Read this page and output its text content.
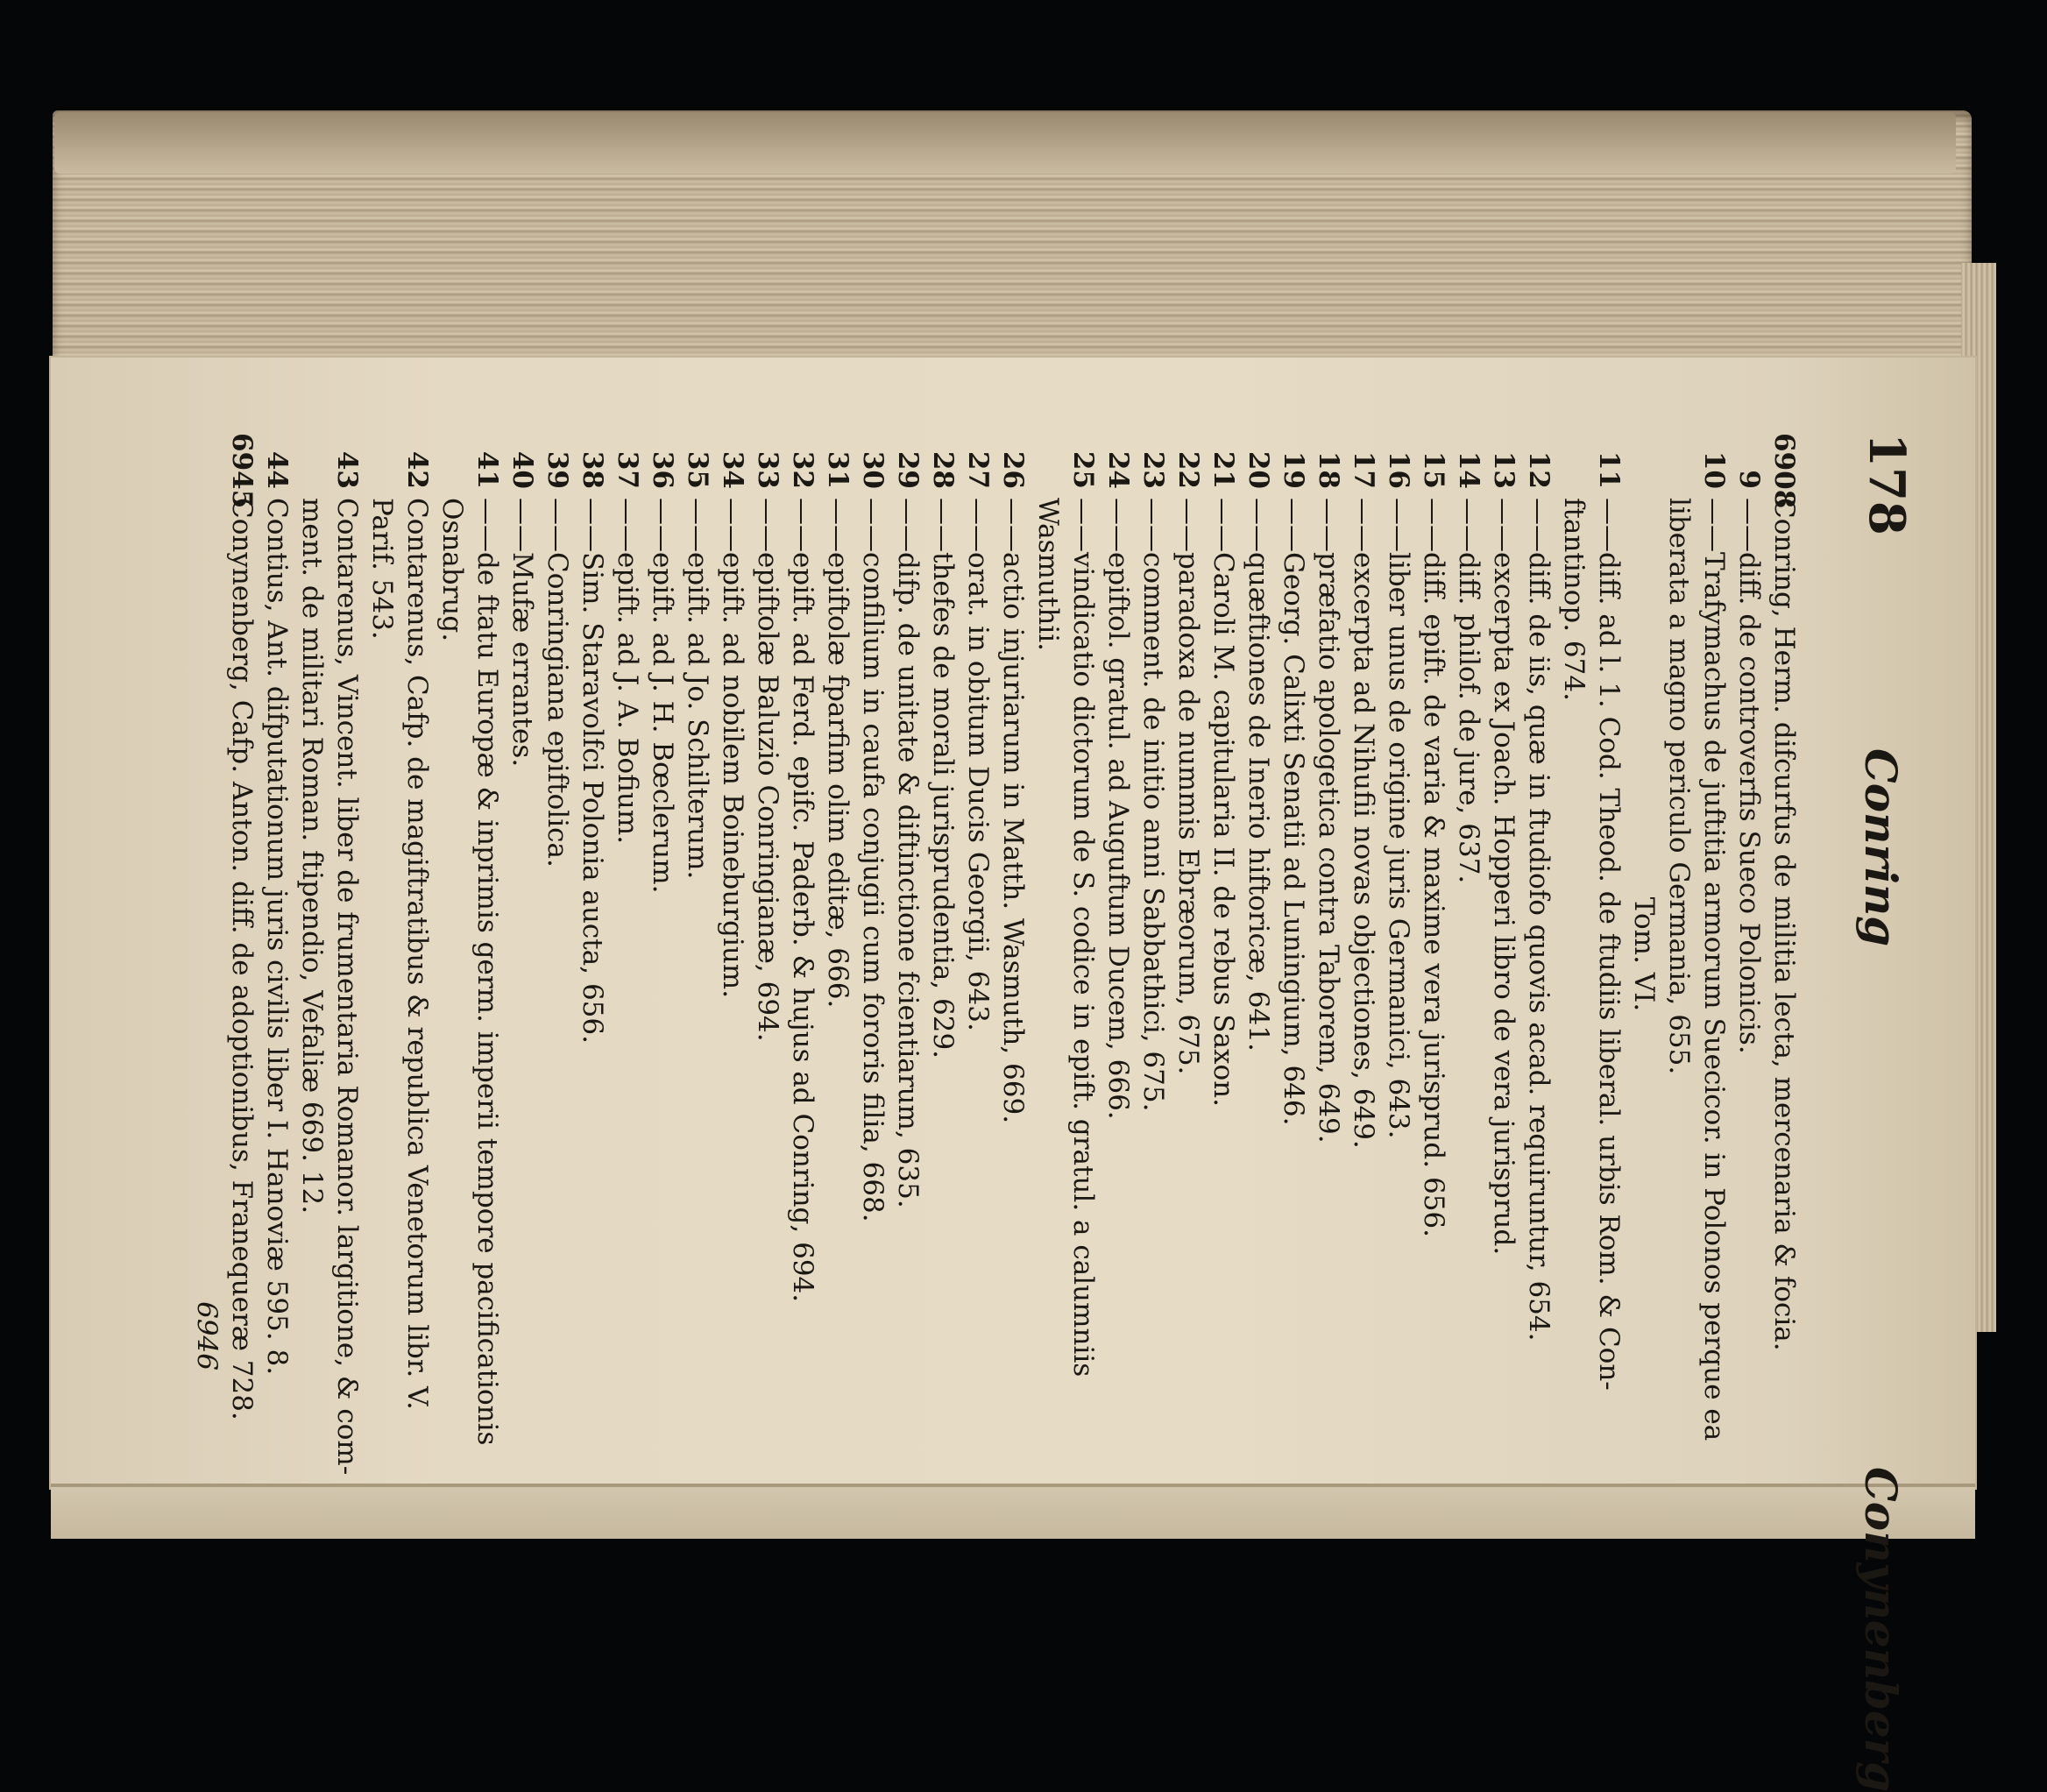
178
Conring
Conynenberg
6908
Conring, Herm. difcurfus de militia lecta, mercenaria & focia.
9
——diff. de controverfis Sueco Polonicis.
10
——Trafymachus de juftitia armorum Suecicor. in Polonos perque ea
liberata a magno periculo Germania, 655.
Tom. VI.
11
——diff. ad l. 1. Cod. Theod. de ftudiis liberal. urbis Rom. & Con-
ftantinop. 674.
12
——diff. de iis, quæ in ftudiofo quovis acad. requiruntur, 654.
13
——excerpta ex Joach. Hopperi libro de vera jurisprud.
14
——diff. philof. de jure, 637.
15
——diff. epift. de varia & maxime vera jurisprud. 656.
16
——liber unus de origine juris Germanici, 643.
17
——excerpta ad Nihufii novas objectiones, 649.
18
——præfatio apologetica contra Taborem, 649.
19
——Georg. Calixti Senatii ad Luningium, 646.
20
——quæftiones de Inerio hiftoricæ, 641.
21
——Caroli M. capitularia II. de rebus Saxon.
22
——paradoxa de nummis Ebræorum, 675.
23
——comment. de initio anni Sabbathici, 675.
24
——epiftol. gratul. ad Auguftum Ducem, 666.
25
——vindicatio dictorum de S. codice in epift. gratul. a calumniis
Wasmuthii.
26
——actio injuriarum in Matth. Wasmuth, 669.
27
——orat. in obitum Ducis Georgii, 643.
28
——thefes de morali jurisprudentia, 629.
29
——difp. de unitate & diftinctione fcientiarum, 635.
30
——confilium in caufa conjugii cum fororis filia, 668.
31
——epiftolæ fparfim olim editæ, 666.
32
——epift. ad Ferd. epifc. Paderb. & hujus ad Conring, 694.
33
——epiftolæ Baluzio Conringianæ, 694.
34
——epift. ad nobilem Boineburgium.
35
——epift. ad Jo. Schilterum.
36
——epift. ad J. H. Bœclerum.
37
——epift. ad J. A. Bofium.
38
——Sim. Staravolfci Polonia aucta, 656.
39
——Conringiana epiftolica.
40
——Mufæ errantes.
41
——de ftatu Europæ & inprimis germ. imperii tempore pacificationis
Osnabrug.
42
Contarenus, Cafp. de magiftratibus & republica Venetorum libr. V.
Parif. 543.
43
Contarenus, Vincent. liber de frumentaria Romanor. largitione, & com-
ment. de militari Roman. ftipendio, Vefaliæ 669. 12.
44
Contius, Ant. difputationum juris civilis liber I. Hanoviæ 595. 8.
6945
Conynenberg, Cafp. Anton. diff. de adoptionibus, Franequeræ 728.
6946
